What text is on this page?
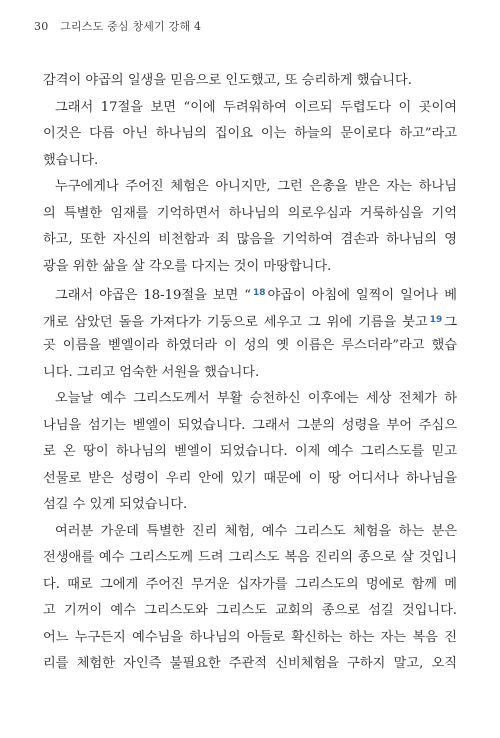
30 그리스도 중심 창세기 강해 4
감격이 야곱의 일생을 믿음으로 인도했고, 또 승리하게 했습니다.
그래서 17절을 보면 “이에 두려워하여 이르되 두렵도다 이 곳이여
이것은 다름 아닌 하나님의 집이요 이는 하늘의 문이로다 하고”라고
했습니다.
누구에게나 주어진 체험은 아니지만, 그런 은총을 받은 자는 하나님
의 특별한 임재를 기억하면서 하나님의 의로우심과 거룩하심을 기억
하고, 또한 자신의 비천함과 죄 많음을 기억하여 겸손과 하나님의 영
광을 위한 삶을 살 각오를 다지는 것이 마땅합니다.
그래서 야곱은 18-19절을 보면 “ $^{18}$ 야곱이 아침에 일찍이 일어나 베
개로 삼았던 돌을 가져다가 기둥으로 세우고 그 위에 기름을 붓고 $^{19}$ 그
곳 이름을 벧엘이라 하였더라 이 성의 옛 이름은 루스더라”라고 했습
니다. 그리고 엄숙한 서원을 했습니다.
오늘날 예수 그리스도께서 부활 승천하신 이후에는 세상 전체가 하
나님을 섬기는 벧엘이 되었습니다. 그래서 그분의 성령을 부어 주심으
로 온 땅이 하나님의 벧엘이 되었습니다. 이제 예수 그리스도를 믿고
선물로 받은 성령이 우리 안에 있기 때문에 이 땅 어디서나 하나님을
섬길 수 있게 되었습니다.
여러분 가운데 특별한 진리 체험, 예수 그리스도 체험을 하는 분은
전생애를 예수 그리스도께 드려 그리스도 복음 진리의 종으로 살 것입니
다. 때로 그에게 주어진 무거운 십자가를 그리스도의 멍에로 함께 메
고 기꺼이 예수 그리스도와 그리스도 교회의 종으로 섬길 것입니다.
어느 누구든지 예수님을 하나님의 아들로 확신하는 하는 자는 복음 진
리를 체험한 자인즉 불필요한 주관적 신비체험을 구하지 말고, 오직
